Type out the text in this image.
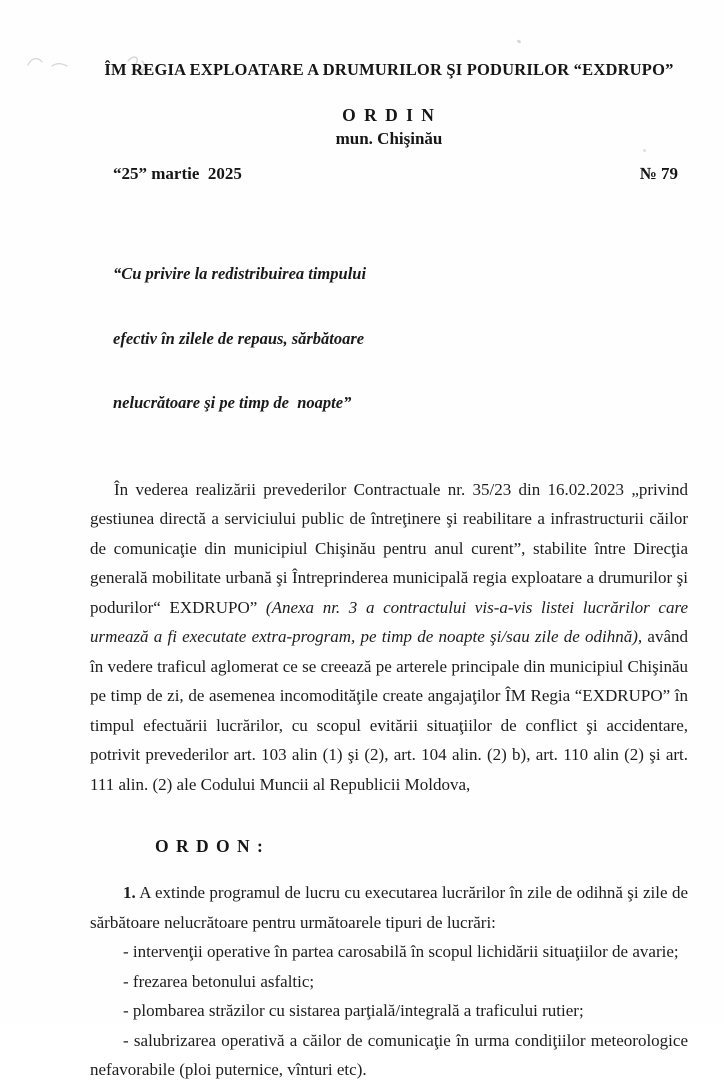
ÎM REGIA EXPLOATARE A DRUMURILOR ŞI PODURILOR “EXDRUPO”
O R D I N
mun. Chişinău
“25” martie  2025	№ 79

“Cu privire la redistribuirea timpului

efectiv în zilele de repaus, sărbătoare

nelucrătoare şi pe timp de  noapte”

În vederea realizării prevederilor Contractuale nr. 35/23 din 16.02.2023 „privind gestiunea directă a serviciului public de întreţinere şi reabilitare a infrastructurii căilor de comunicaţie din municipiul Chişinău pentru anul curent”, stabilite între Direcţia generală mobilitate urbană şi Întreprinderea municipală regia exploatare a drumurilor şi podurilor“ EXDRUPO” (Anexa nr. 3 a contractului vis-a-vis listei lucrărilor care urmează a fi executate extra-program, pe timp de noapte şi/sau zile de odihnă), având în vedere traficul aglomerat ce se creează pe arterele principale din municipiul Chişinău pe timp de zi, de asemenea incomodităţile create angajaţilor ÎM Regia “EXDRUPO” în timpul efectuării lucrărilor, cu scopul evitării situaţiilor de conflict şi accidentare, potrivit prevederilor art. 103 alin (1) şi (2), art. 104 alin. (2) b), art. 110 alin (2) şi art. 111 alin. (2) ale Codului Muncii al Republicii Moldova,

O R D O N :

1. A extinde programul de lucru cu executarea lucrărilor în zile de odihnă şi zile de sărbătoare nelucrătoare pentru următoarele tipuri de lucrări:

- intervenţii operative în partea carosabilă în scopul lichidării situaţiilor de avarie;

- frezarea betonului asfaltic;

- plombarea străzilor cu sistarea parţială/integrală a traficului rutier;

- salubrizarea operativă a căilor de comunicaţie în urma condiţiilor meteorologice nefavorabile (ploi puternice, vînturi etc).
